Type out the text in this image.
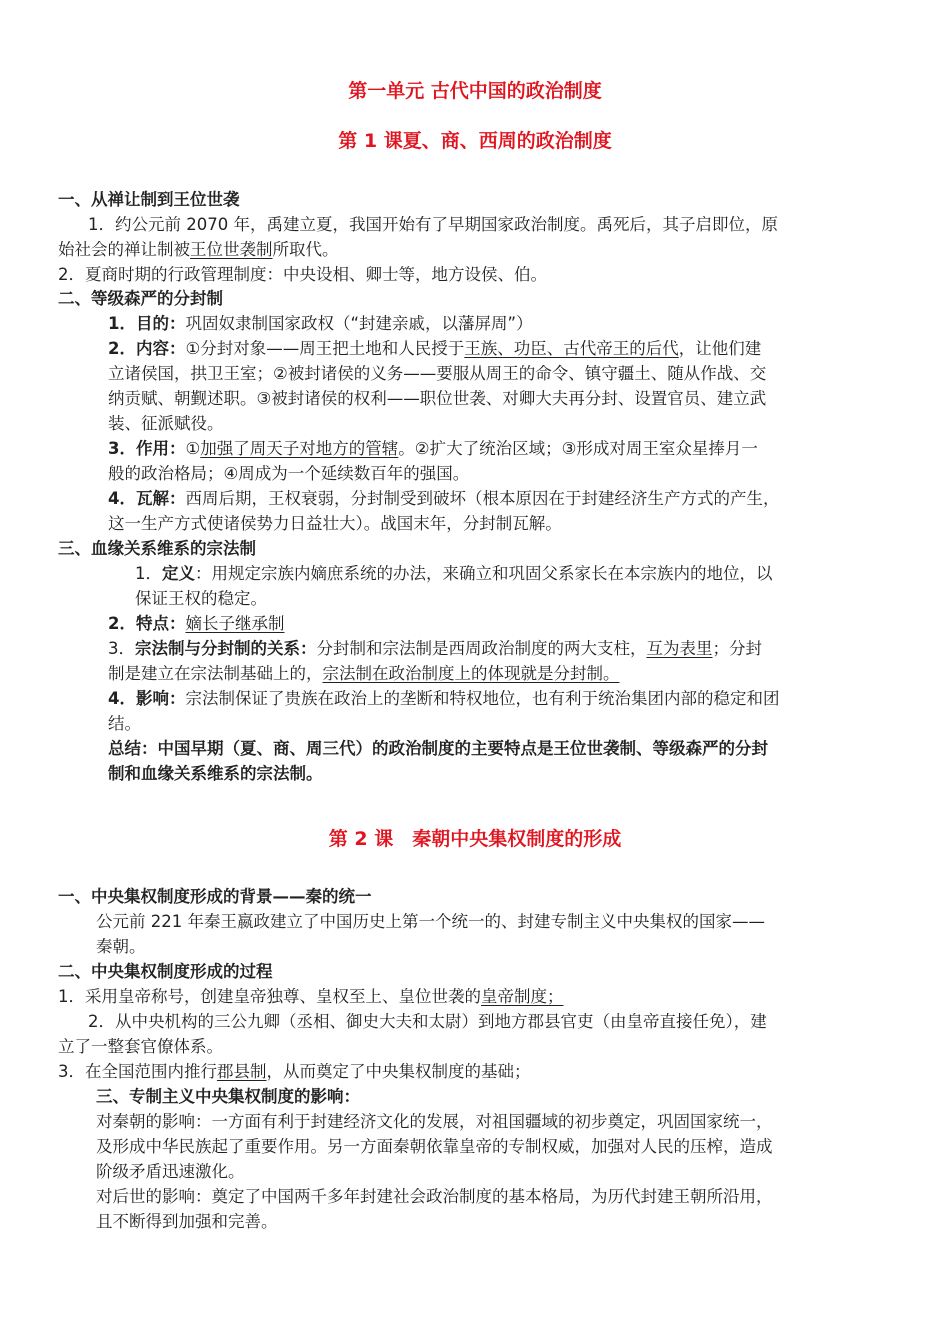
第一单元 古代中国的政治制度
第 1 课夏、商、西周的政治制度
一、从禅让制到王位世袭
1．约公元前 2070 年，禹建立夏，我国开始有了早期国家政治制度。禹死后，其子启即位，原
始社会的禅让制被王位世袭制所取代。
2．夏商时期的行政管理制度：中央设相、卿士等，地方设侯、伯。
二、等级森严的分封制
1．目的：巩固奴隶制国家政权（“封建亲戚，以藩屏周”）
2．内容：①分封对象——周王把土地和人民授于王族、功臣、古代帝王的后代，让他们建
立诸侯国，拱卫王室；②被封诸侯的义务——要服从周王的命令、镇守疆土、随从作战、交
纳贡赋、朝觐述职。③被封诸侯的权利——职位世袭、对卿大夫再分封、设置官员、建立武
装、征派赋役。
3．作用：①加强了周天子对地方的管辖。②扩大了统治区域；③形成对周王室众星捧月一
般的政治格局；④周成为一个延续数百年的强国。
4．瓦解：西周后期，王权衰弱，分封制受到破坏（根本原因在于封建经济生产方式的产生，
这一生产方式使诸侯势力日益壮大）。战国末年，分封制瓦解。
三、血缘关系维系的宗法制
1．定义：用规定宗族内嫡庶系统的办法，来确立和巩固父系家长在本宗族内的地位，以
保证王权的稳定。
2．特点：嫡长子继承制
3．宗法制与分封制的关系：分封制和宗法制是西周政治制度的两大支柱，互为表里；分封
制是建立在宗法制基础上的，宗法制在政治制度上的体现就是分封制。
4．影响：宗法制保证了贵族在政治上的垄断和特权地位，也有利于统治集团内部的稳定和团
结。
总结：中国早期（夏、商、周三代）的政治制度的主要特点是王位世袭制、等级森严的分封
制和血缘关系维系的宗法制。
第 2 课　秦朝中央集权制度的形成
一、中央集权制度形成的背景——秦的统一
公元前 221 年秦王嬴政建立了中国历史上第一个统一的、封建专制主义中央集权的国家——
秦朝。
二、中央集权制度形成的过程
1．采用皇帝称号，创建皇帝独尊、皇权至上、皇位世袭的皇帝制度；
2．从中央机构的三公九卿（丞相、御史大夫和太尉）到地方郡县官吏（由皇帝直接任免），建
立了一整套官僚体系。
3．在全国范围内推行郡县制，从而奠定了中央集权制度的基础；
三、专制主义中央集权制度的影响：
对秦朝的影响：一方面有利于封建经济文化的发展，对祖国疆域的初步奠定，巩固国家统一，
及形成中华民族起了重要作用。另一方面秦朝依靠皇帝的专制权威，加强对人民的压榨，造成
阶级矛盾迅速激化。
对后世的影响：奠定了中国两千多年封建社会政治制度的基本格局，为历代封建王朝所沿用，
且不断得到加强和完善。
